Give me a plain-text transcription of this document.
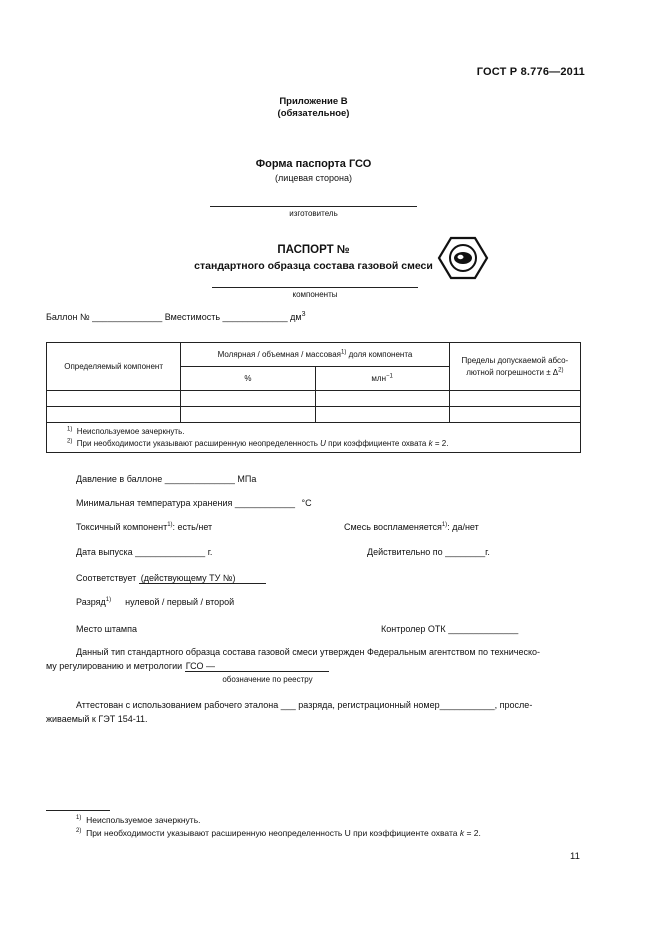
ГОСТ Р 8.776—2011
Приложение В
(обязательное)
Форма паспорта ГСО
(лицевая сторона)
изготовитель
ПАСПОРТ №
стандартного образца состава газовой смеси
компоненты
Баллон № ______________ Вместимость _____________ $дм^3$
Определяемый компонент	Молярная / объемная / массовая$^{1)}$ доля компонента		Пределы допускаемой абсо-
лютной погрешности ± $\Delta^{2)}$

	%	млн$^{-1}$

$^{1)}$ Неиспользуемое зачеркнуть.
$^{2)}$ При необходимости указывают расширенную неопределенность U при коэффициенте охвата k = 2.			
Давление в баллоне ______________ МПа
Минимальная температура хранения ____________ °С
Токсичный компонент$^{1)}$: есть/нет	Смесь воспламеняется$^{1)}$: да/нет
Дата выпуска ______________ г.	Действительно по ________г.
Соответствует (действующему ТУ №)
Разряд$^{1)}$ нулевой / первый / второй
Место штампа	Контролер ОТК ______________
Данный тип стандартного образца состава газовой смеси утвержден Федеральным агентством по техническо-
му регулированию и метрологии ГСО —
обозначение по реестру
Аттестован с использованием рабочего эталона ___ разряда, регистрационный номер___________, просле-
живаемый к ГЭТ 154-11.
$^{1)}$ Неиспользуемое зачеркнуть.
$^{2)}$ При необходимости указывают расширенную неопределенность U при коэффициенте охвата k = 2.
11
